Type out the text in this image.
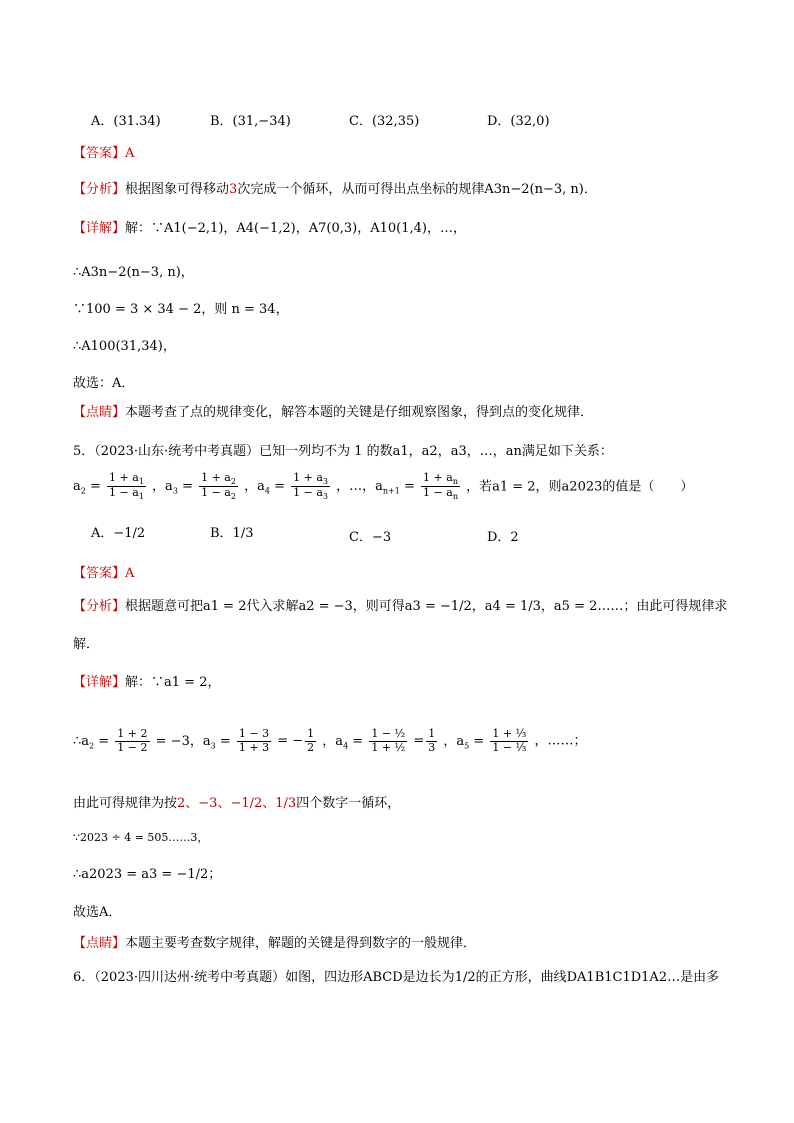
A．(31.34)	B．(31,−34)	C．(32,35)	D．(32,0)
【答案】A
【分析】根据图象可得移动3次完成一个循环，从而可得出点坐标的规律A3n−2(n−3, n)．
【详解】解：∵A1(−2,1)，A4(−1,2)，A7(0,3)，A10(1,4)，…，
∴A3n−2(n−3, n)，
∵100 = 3 × 34 − 2，则 n = 34，
∴A100(31,34)，
故选：A．
【点睛】本题考查了点的规律变化，解答本题的关键是仔细观察图象，得到点的变化规律．
5．（2023·山东·统考中考真题）已知一列均不为 1 的数a1，a2，a3，…，an满足如下关系：
$a_2 = \frac{1 + a_1}{1 - a_1}$ ，$a_3 = \frac{1 + a_2}{1 - a_2}$ ，$a_4 = \frac{1 + a_3}{1 - a_3}$ ，…，$a_{n+1} = \frac{1 + a_n}{1 - a_n}$ ，若a1 = 2，则a2023的值是（　　）
A．−1/2	B．1/3	C．−3	D．2
【答案】A
【分析】根据题意可把a1 = 2代入求解a2 = −3，则可得a3 = −1/2，a4 = 1/3，a5 = 2……；由此可得规律求
解．
【详解】解：∵a1 = 2，
$\therefore a_2 = \frac{1 + 2}{1 - 2} = -3$，$a_3 = \frac{1 - 3}{1 + 3}$ = − $\frac{1}{2}$ ，$a_4 = \frac{\text{1 − ½}}{\text{1 + ½}} = \frac{1}{3}$ ，$a_5 = \frac{\text{1 + ⅓}}{\text{1 − ⅓}}$ ，……；
由此可得规律为按2、−3、−1/2、1/3四个数字一循环，
∵2023 ÷ 4 = 505……3，
∴a2023 = a3 = −1/2；
故选A．
【点睛】本题主要考查数字规律，解题的关键是得到数字的一般规律．
6．（2023·四川达州·统考中考真题）如图，四边形ABCD是边长为1/2的正方形，曲线DA1B1C1D1A2…是由多
